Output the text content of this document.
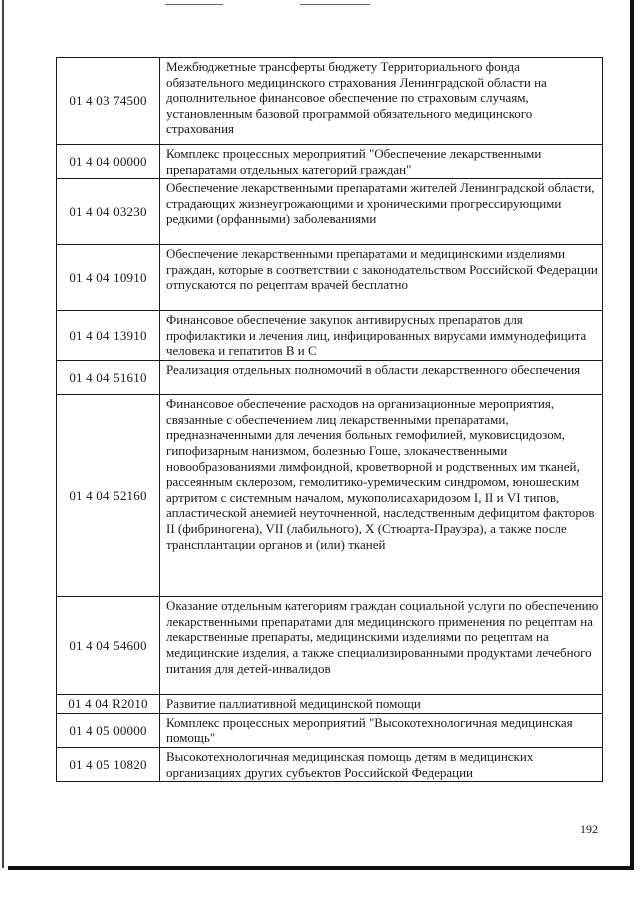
01 4 03 74500	Межбюджетные трансферты бюджету Территориального фонда обязательного медицинского страхования Ленинградской области на дополнительное финансовое обеспечение по страховым случаям, установленным базовой программой обязательного медицинского страхования
01 4 04 00000	Комплекс процессных мероприятий "Обеспечение лекарственными препаратами отдельных категорий граждан"
01 4 04 03230	Обеспечение лекарственными препаратами жителей Ленинградской области, страдающих жизнеугрожающими и хроническими прогрессирующими редкими (орфанными) заболеваниями
01 4 04 10910	Обеспечение лекарственными препаратами и медицинскими изделиями граждан, которые в соответствии с законодательством Российской Федерации отпускаются по рецептам врачей бесплатно
01 4 04 13910	Финансовое обеспечение закупок антивирусных препаратов для профилактики и лечения лиц, инфицированных вирусами иммунодефицита человека и гепатитов В и С
01 4 04 51610	Реализация отдельных полномочий в области лекарственного обеспечения
01 4 04 52160	Финансовое обеспечение расходов на организационные мероприятия, связанные с обеспечением лиц лекарственными препаратами, предназначенными для лечения больных гемофилией, муковисцидозом, гипофизарным нанизмом, болезнью Гоше, злокачественными новообразованиями лимфоидной, кроветворной и родственных им тканей, рассеянным склерозом, гемолитико-уремическим синдромом, юношеским артритом с системным началом, мукополисахаридозом I, II и VI типов, апластической анемией неуточненной, наследственным дефицитом факторов II (фибриногена), VII (лабильного), X (Стюарта-Прауэра), а также после трансплантации органов и (или) тканей
01 4 04 54600	Оказание отдельным категориям граждан социальной услуги по обеспечению лекарственными препаратами для медицинского применения по рецептам на лекарственные препараты, медицинскими изделиями по рецептам на медицинские изделия, а также специализированными продуктами лечебного питания для детей-инвалидов
01 4 04 R2010	Развитие паллиативной медицинской помощи
01 4 05 00000	Комплекс процессных мероприятий "Высокотехнологичная медицинская помощь"
01 4 05 10820	Высокотехнологичная медицинская помощь детям в медицинских организациях других субъектов Российской Федерации
192
